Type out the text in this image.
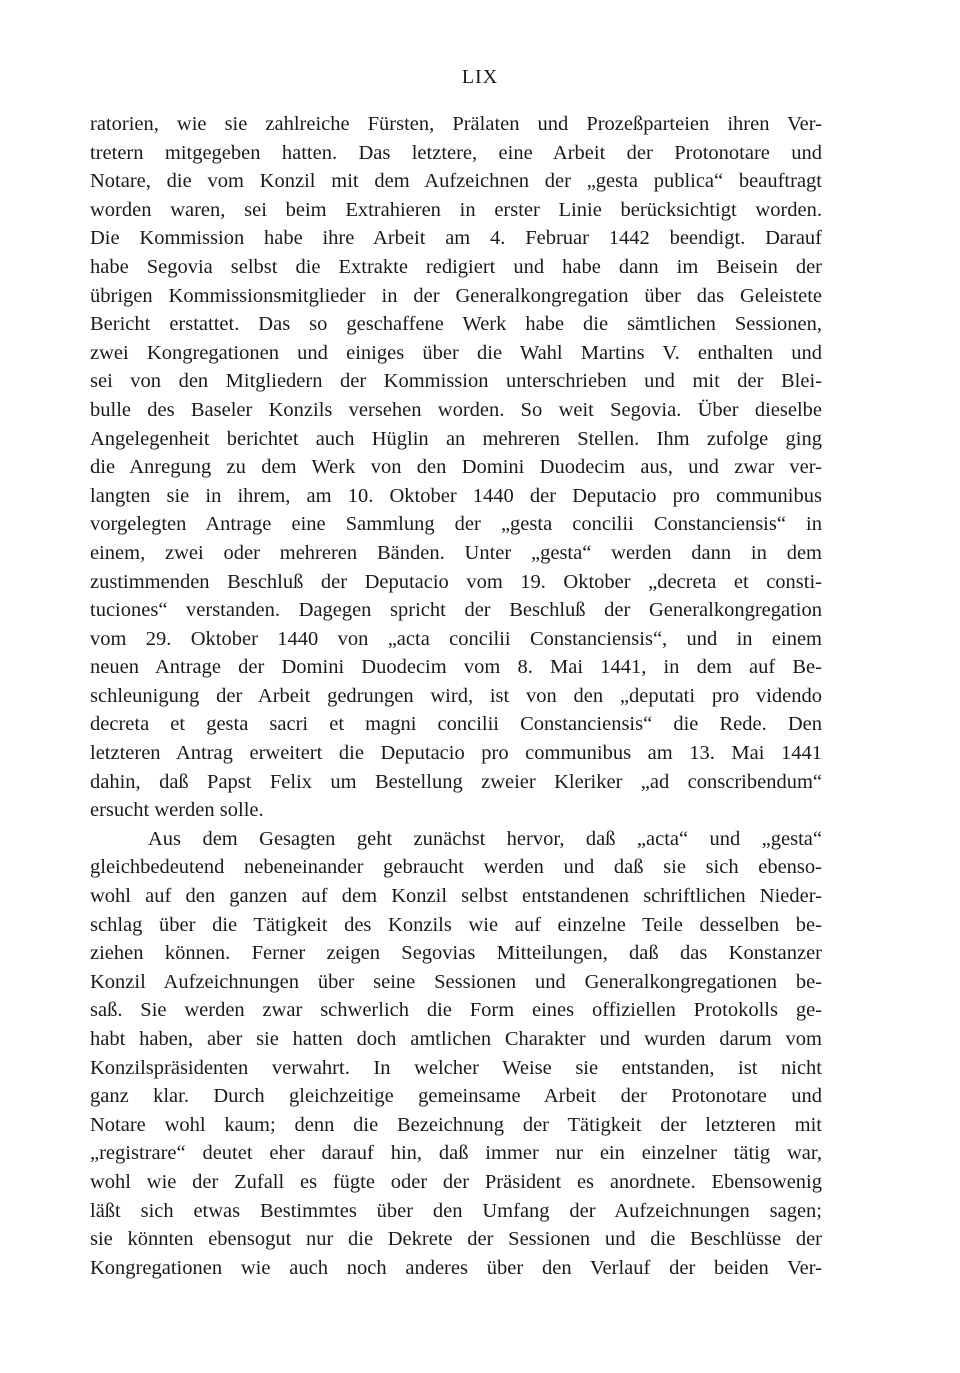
LIX
ratorien, wie sie zahlreiche Fürsten, Prälaten und Prozeßparteien ihren Ver-
tretern mitgegeben hatten. Das letztere, eine Arbeit der Protonotare und
Notare, die vom Konzil mit dem Aufzeichnen der „gesta publica“ beauftragt
worden waren, sei beim Extrahieren in erster Linie berücksichtigt worden.
Die Kommission habe ihre Arbeit am 4. Februar 1442 beendigt. Darauf
habe Segovia selbst die Extrakte redigiert und habe dann im Beisein der
übrigen Kommissionsmitglieder in der Generalkongregation über das Geleistete
Bericht erstattet. Das so geschaffene Werk habe die sämtlichen Sessionen,
zwei Kongregationen und einiges über die Wahl Martins V. enthalten und
sei von den Mitgliedern der Kommission unterschrieben und mit der Blei-
bulle des Baseler Konzils versehen worden. So weit Segovia. Über dieselbe
Angelegenheit berichtet auch Hüglin an mehreren Stellen. Ihm zufolge ging
die Anregung zu dem Werk von den Domini Duodecim aus, und zwar ver-
langten sie in ihrem, am 10. Oktober 1440 der Deputacio pro communibus
vorgelegten Antrage eine Sammlung der „gesta concilii Constanciensis“ in
einem, zwei oder mehreren Bänden. Unter „gesta“ werden dann in dem
zustimmenden Beschluß der Deputacio vom 19. Oktober „decreta et consti-
tuciones“ verstanden. Dagegen spricht der Beschluß der Generalkongregation
vom 29. Oktober 1440 von „acta concilii Constanciensis“, und in einem
neuen Antrage der Domini Duodecim vom 8. Mai 1441, in dem auf Be-
schleunigung der Arbeit gedrungen wird, ist von den „deputati pro videndo
decreta et gesta sacri et magni concilii Constanciensis“ die Rede. Den
letzteren Antrag erweitert die Deputacio pro communibus am 13. Mai 1441
dahin, daß Papst Felix um Bestellung zweier Kleriker „ad conscribendum“
ersucht werden solle.
Aus dem Gesagten geht zunächst hervor, daß „acta“ und „gesta“
gleichbedeutend nebeneinander gebraucht werden und daß sie sich ebenso-
wohl auf den ganzen auf dem Konzil selbst entstandenen schriftlichen Nieder-
schlag über die Tätigkeit des Konzils wie auf einzelne Teile desselben be-
ziehen können. Ferner zeigen Segovias Mitteilungen, daß das Konstanzer
Konzil Aufzeichnungen über seine Sessionen und Generalkongregationen be-
saß. Sie werden zwar schwerlich die Form eines offiziellen Protokolls ge-
habt haben, aber sie hatten doch amtlichen Charakter und wurden darum vom
Konzilspräsidenten verwahrt. In welcher Weise sie entstanden, ist nicht
ganz klar. Durch gleichzeitige gemeinsame Arbeit der Protonotare und
Notare wohl kaum; denn die Bezeichnung der Tätigkeit der letzteren mit
„registrare“ deutet eher darauf hin, daß immer nur ein einzelner tätig war,
wohl wie der Zufall es fügte oder der Präsident es anordnete. Ebensowenig
läßt sich etwas Bestimmtes über den Umfang der Aufzeichnungen sagen;
sie könnten ebensogut nur die Dekrete der Sessionen und die Beschlüsse der
Kongregationen wie auch noch anderes über den Verlauf der beiden Ver-
